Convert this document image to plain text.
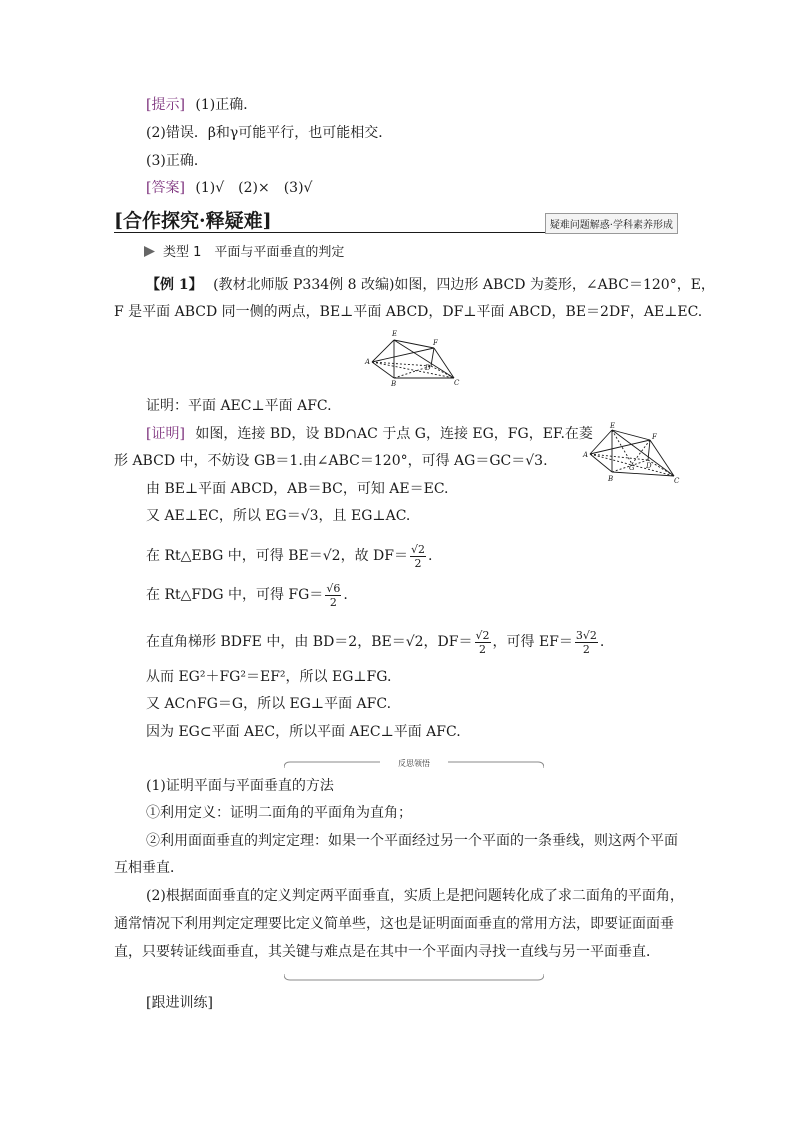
[提示] (1)正确．
(2)错误．β和γ可能平行，也可能相交．
(3)正确．
[答案] (1)√　(2)×　(3)√
[合作探究·释疑难]	疑难问题解惑·学科素养形成
类型 1　平面与平面垂直的判定
【例 1】 (教材北师版 P334例 8 改编)如图，四边形 ABCD 为菱形，∠ABC＝120°，E，
F 是平面 ABCD 同一侧的两点，BE⊥平面 ABCD，DF⊥平面 ABCD，BE＝2DF，AE⊥EC.
E
F
A
B	C
D
证明：平面 AEC⊥平面 AFC.
[证明] 如图，连接 BD，设 BD∩AC 于点 G，连接 EG，FG，EF.在菱
形 ABCD 中，不妨设 GB＝1.由∠ABC＝120°，可得 AG＝GC＝√3.
E
F
A
B	C
D
G
由 BE⊥平面 ABCD，AB＝BC，可知 AE＝EC.
又 AE⊥EC，所以 EG＝√3，且 EG⊥AC.
在 Rt△EBG 中，可得 BE＝√2，故 $DF= \frac{√2}{2}$ .
在 Rt△FDG 中，可得 $FG= \frac{√6}{2}$ .
在直角梯形 BDFE 中，由 BD＝2，BE＝√2，$DF= \frac{√2}{2}$ ，可得 $EF= \frac{3√2}{2}$ .
从而 EG²＋FG²＝EF²，所以 EG⊥FG.
又 AC∩FG＝G，所以 EG⊥平面 AFC.
因为 EG⊂平面 AEC，所以平面 AEC⊥平面 AFC.
反思领悟
(1)证明平面与平面垂直的方法
①利用定义：证明二面角的平面角为直角；
②利用面面垂直的判定定理：如果一个平面经过另一个平面的一条垂线，则这两个平面
互相垂直．
(2)根据面面垂直的定义判定两平面垂直，实质上是把问题转化成了求二面角的平面角，
通常情况下利用判定定理要比定义简单些，这也是证明面面垂直的常用方法，即要证面面垂
直，只要转证线面垂直，其关键与难点是在其中一个平面内寻找一直线与另一平面垂直．
[跟进训练]
